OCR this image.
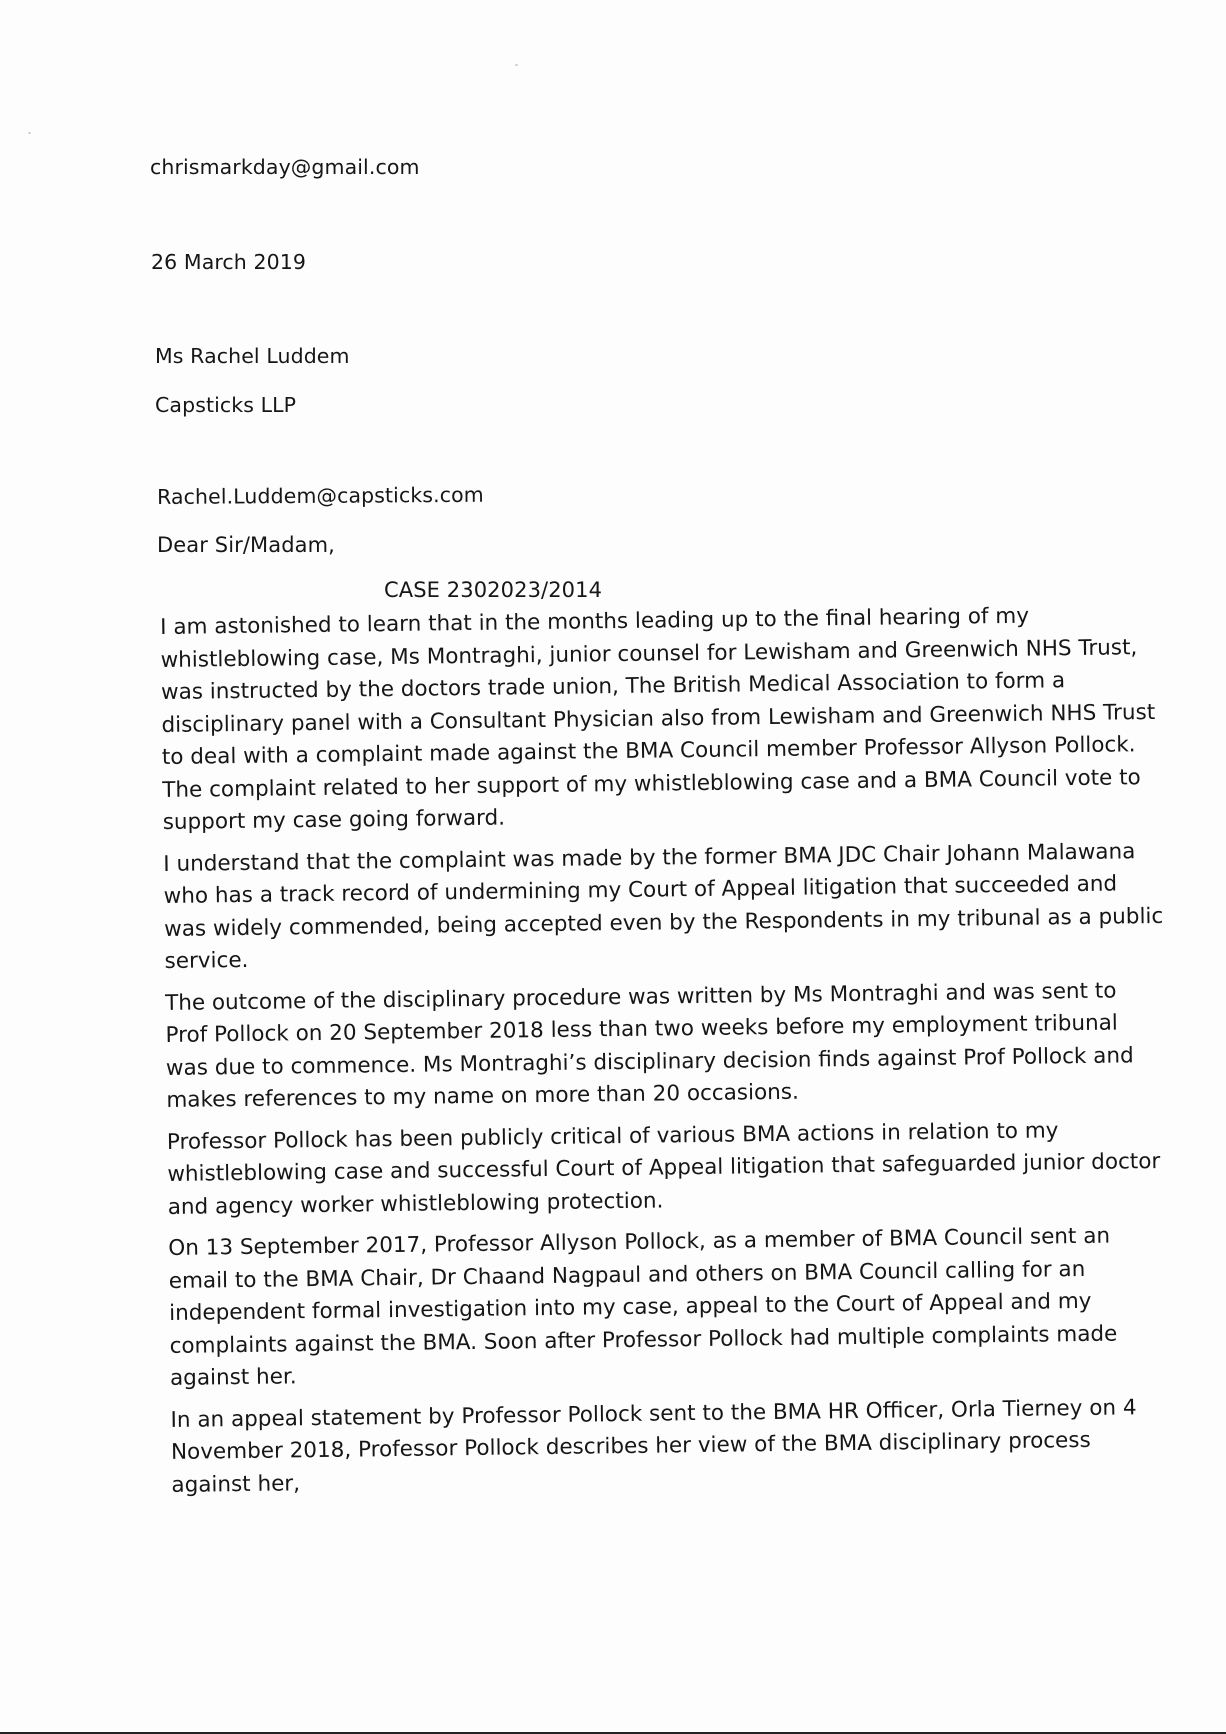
chrismarkday@gmail.com
26 March 2019
Ms Rachel Luddem
Capsticks LLP
Rachel.Luddem@capsticks.com
Dear Sir/Madam,
CASE 2302023/2014
I am astonished to learn that in the months leading up to the final hearing of my
whistleblowing case, Ms Montraghi, junior counsel for Lewisham and Greenwich NHS Trust,
was instructed by the doctors trade union, The British Medical Association to form a
disciplinary panel with a Consultant Physician also from Lewisham and Greenwich NHS Trust
to deal with a complaint made against the BMA Council member Professor Allyson Pollock.
The complaint related to her support of my whistleblowing case and a BMA Council vote to
support my case going forward.
I understand that the complaint was made by the former BMA JDC Chair Johann Malawana
who has a track record of undermining my Court of Appeal litigation that succeeded and
was widely commended, being accepted even by the Respondents in my tribunal as a public
service.
The outcome of the disciplinary procedure was written by Ms Montraghi and was sent to
Prof Pollock on 20 September 2018 less than two weeks before my employment tribunal
was due to commence. Ms Montraghi’s disciplinary decision finds against Prof Pollock and
makes references to my name on more than 20 occasions.
Professor Pollock has been publicly critical of various BMA actions in relation to my
whistleblowing case and successful Court of Appeal litigation that safeguarded junior doctor
and agency worker whistleblowing protection.
On 13 September 2017, Professor Allyson Pollock, as a member of BMA Council sent an
email to the BMA Chair, Dr Chaand Nagpaul and others on BMA Council calling for an
independent formal investigation into my case, appeal to the Court of Appeal and my
complaints against the BMA. Soon after Professor Pollock had multiple complaints made
against her.
In an appeal statement by Professor Pollock sent to the BMA HR Officer, Orla Tierney on 4
November 2018, Professor Pollock describes her view of the BMA disciplinary process
against her,
